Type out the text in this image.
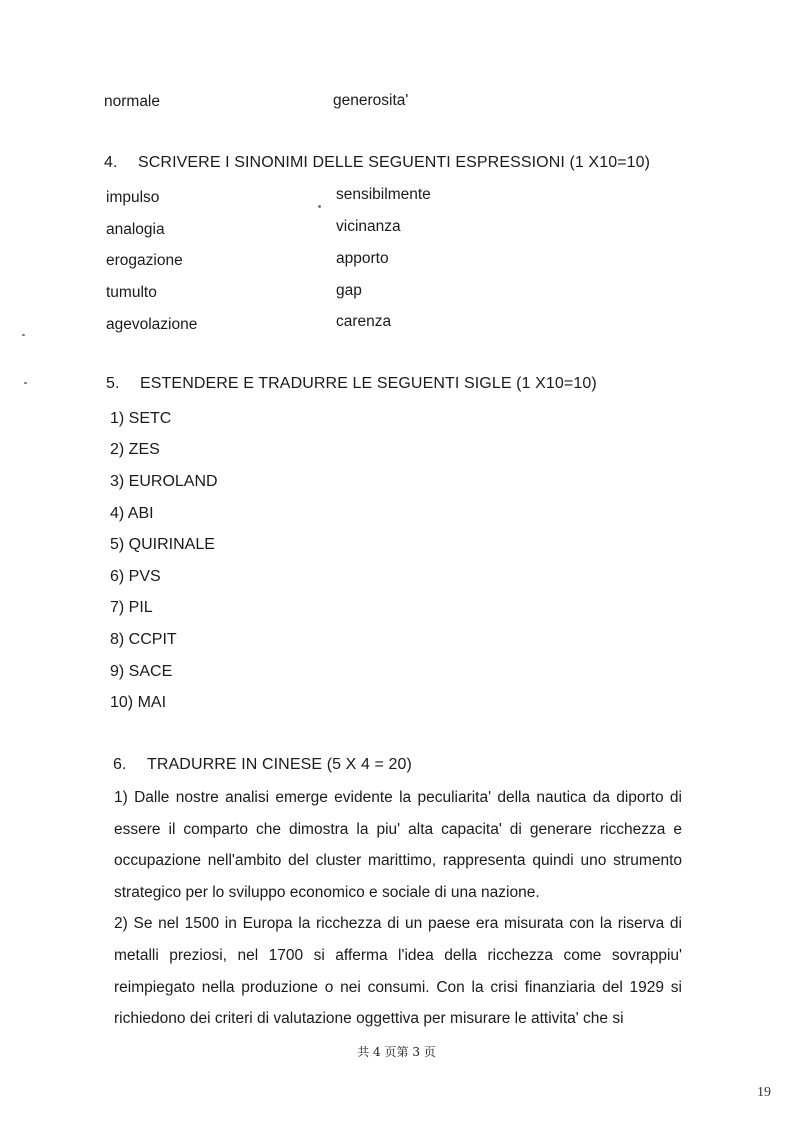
normale	generosita'
4. SCRIVERE I SINONIMI DELLE SEGUENTI ESPRESSIONI (1 X10=10)
impulso	sensibilmente
analogia	vicinanza
erogazione	apporto
tumulto	gap
agevolazione	carenza
5. ESTENDERE E TRADURRE LE SEGUENTI SIGLE (1 X10=10)
1) SETC
2) ZES
3) EUROLAND
4) ABI
5) QUIRINALE
6) PVS
7) PIL
8) CCPIT
9) SACE
10) MAI
6. TRADURRE IN CINESE (5 X 4 = 20)

1) Dalle nostre analisi emerge evidente la peculiarita' della nautica da diporto di essere il comparto che dimostra la piu' alta capacita' di generare ricchezza e occupazione nell'ambito del cluster marittimo, rappresenta quindi uno strumento strategico per lo sviluppo economico e sociale di una nazione.

2) Se nel 1500 in Europa la ricchezza di un paese era misurata con la riserva di metalli preziosi, nel 1700 si afferma l'idea della ricchezza come sovrappiu' reimpiegato nella produzione o nei consumi. Con la crisi finanziaria del 1929 si richiedono dei criteri di valutazione oggettiva per misurare le attivita' che si

共 4 页第 3 页
19
